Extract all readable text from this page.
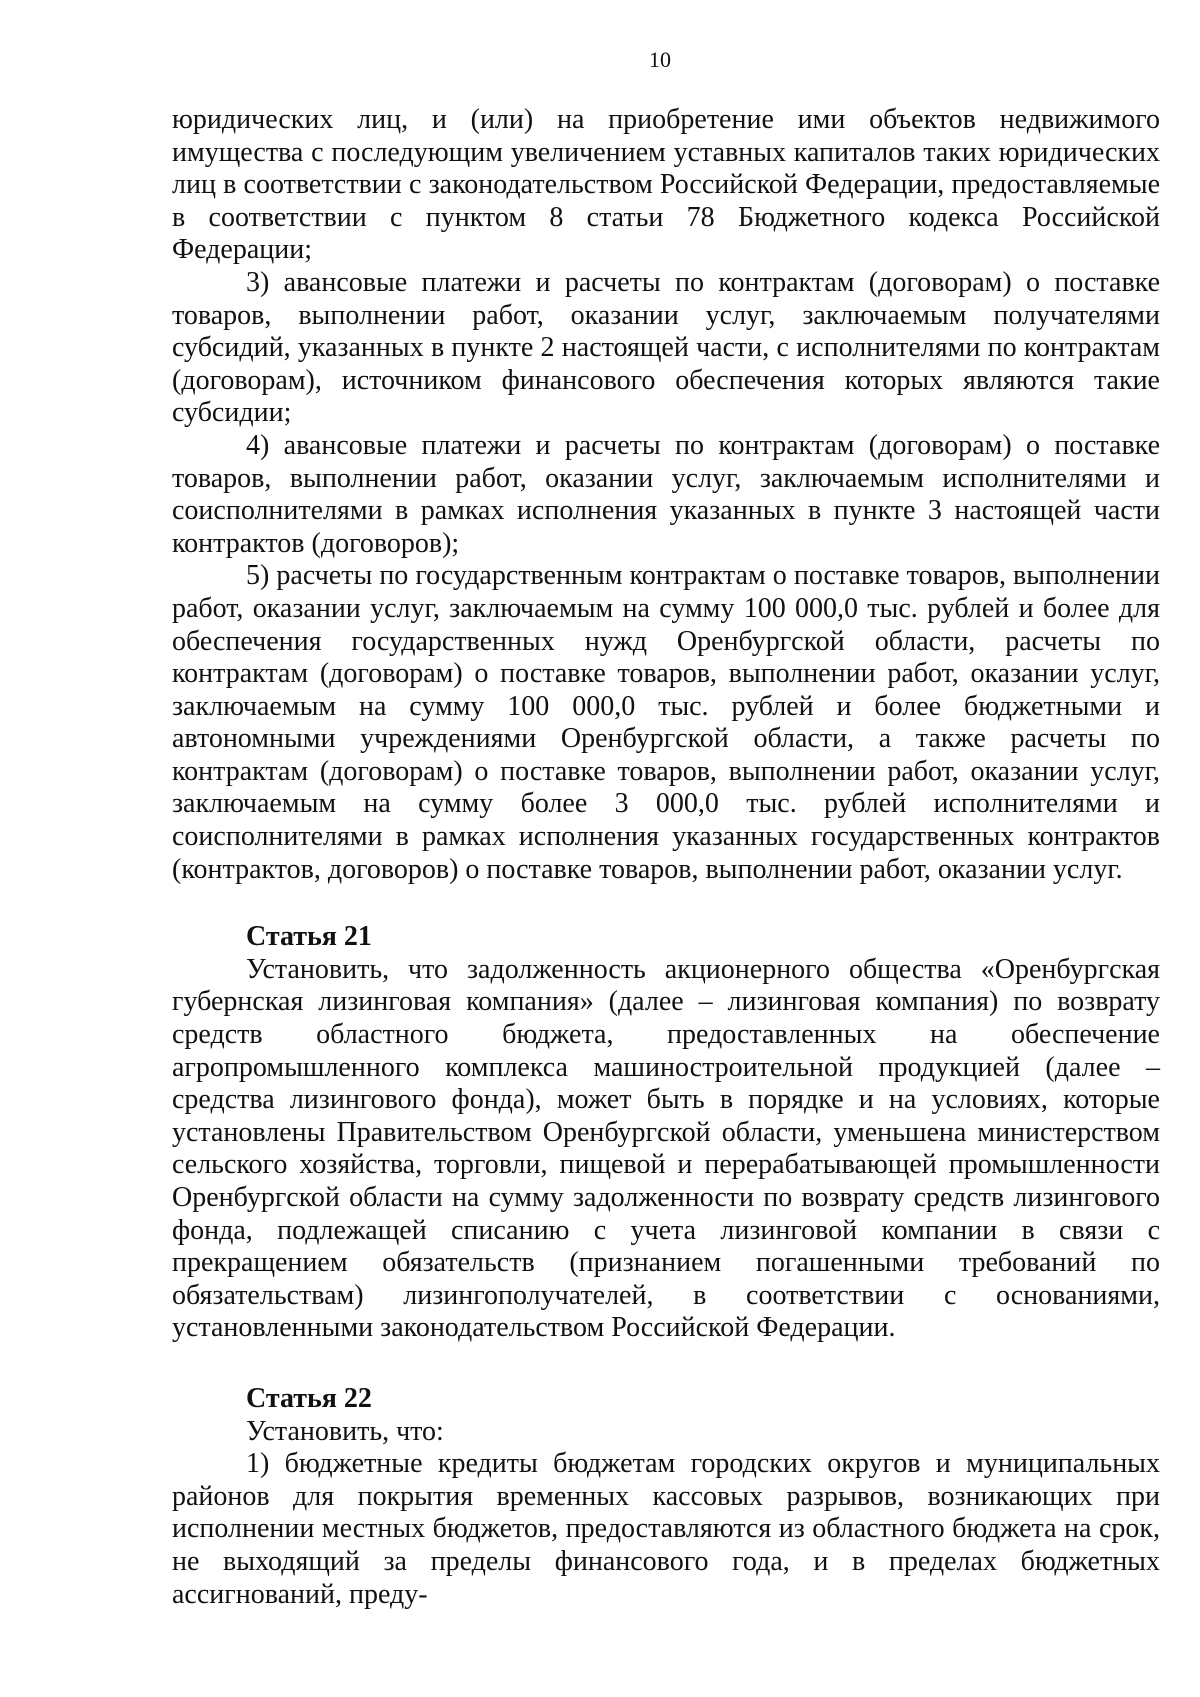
10

юридических лиц, и (или) на приобретение ими объектов недвижимого имущества с последующим увеличением уставных капиталов таких юридических лиц в соответствии с законодательством Российской Федерации, предоставляемые в соответствии с пунктом 8 статьи 78 Бюджетного кодекса Российской Федерации;

3) авансовые платежи и расчеты по контрактам (договорам) о поставке товаров, выполнении работ, оказании услуг, заключаемым получателями субсидий, указанных в пункте 2 настоящей части, с исполнителями по контрактам (договорам), источником финансового обеспечения которых являются такие субсидии;

4) авансовые платежи и расчеты по контрактам (договорам) о поставке товаров, выполнении работ, оказании услуг, заключаемым исполнителями и соисполнителями в рамках исполнения указанных в пункте 3 настоящей части контрактов (договоров);

5) расчеты по государственным контрактам о поставке товаров, выполнении работ, оказании услуг, заключаемым на сумму 100 000,0 тыс. рублей и более для обеспечения государственных нужд Оренбургской области, расчеты по контрактам (договорам) о поставке товаров, выполнении работ, оказании услуг, заключаемым на сумму 100 000,0 тыс. рублей и более бюджетными и автономными учреждениями Оренбургской области, а также расчеты по контрактам (договорам) о поставке товаров, выполнении работ, оказании услуг, заключаемым на сумму более 3 000,0 тыс. рублей исполнителями и соисполнителями в рамках исполнения указанных государственных контрактов (контрактов, договоров) о поставке товаров, выполнении работ, оказании услуг.

Статья 21

Установить, что задолженность акционерного общества «Оренбургская губернская лизинговая компания» (далее – лизинговая компания) по возврату средств областного бюджета, предоставленных на обеспечение агропромышленного комплекса машиностроительной продукцией (далее – средства лизингового фонда), может быть в порядке и на условиях, которые установлены Правительством Оренбургской области, уменьшена министерством сельского хозяйства, торговли, пищевой и перерабатывающей промышленности Оренбургской области на сумму задолженности по возврату средств лизингового фонда, подлежащей списанию с учета лизинговой компании в связи с прекращением обязательств (признанием погашенными требований по обязательствам) лизингополучателей, в соответствии с основаниями, установленными законодательством Российской Федерации.

Статья 22

Установить, что:

1) бюджетные кредиты бюджетам городских округов и муниципальных районов для покрытия временных кассовых разрывов, возникающих при исполнении местных бюджетов, предоставляются из областного бюджета на срок, не выходящий за пределы финансового года, и в пределах бюджетных ассигнований, преду-
